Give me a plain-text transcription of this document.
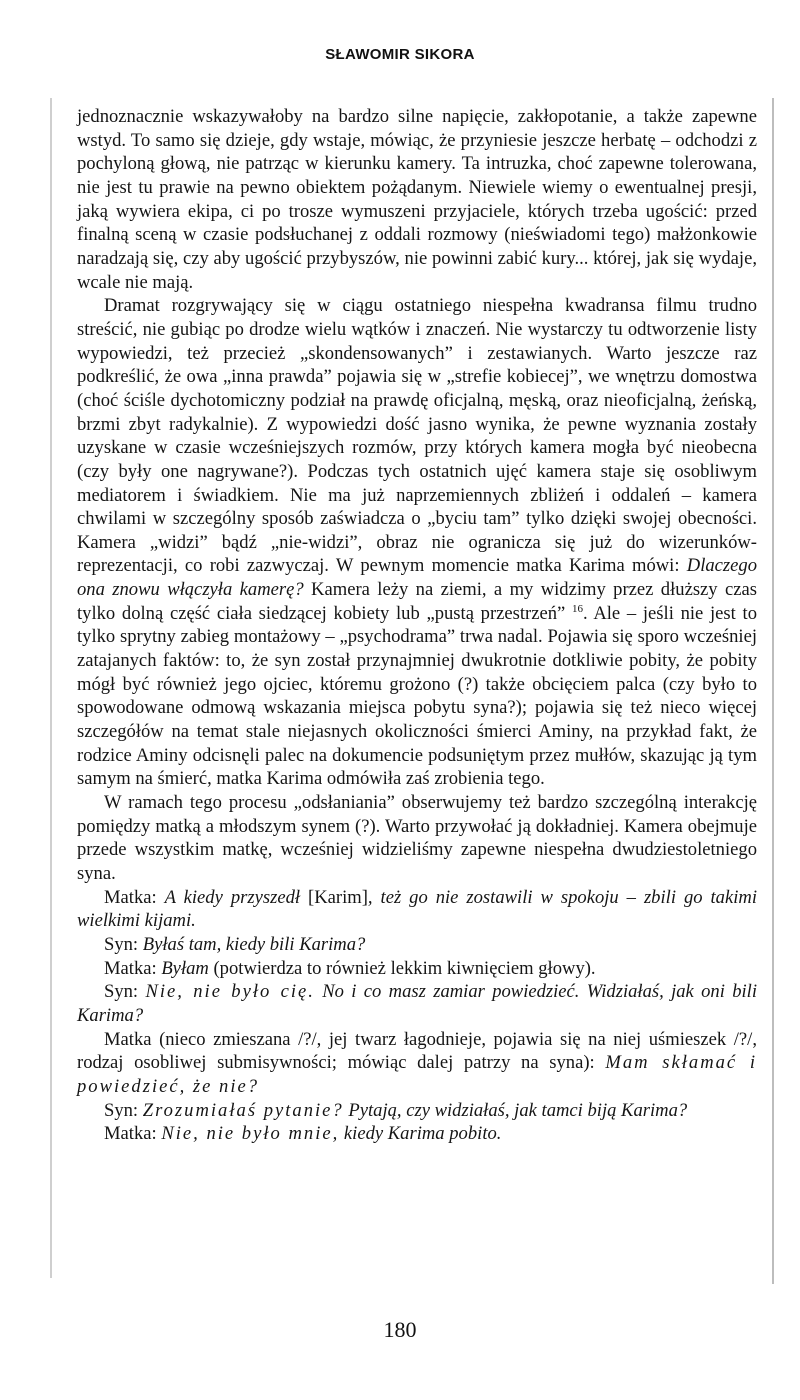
SŁAWOMIR SIKORA

jednoznacznie wskazywałoby na bardzo silne napięcie, zakłopotanie, a także zapewne wstyd. To samo się dzieje, gdy wstaje, mówiąc, że przyniesie jeszcze herbatę – odchodzi z pochyloną głową, nie patrząc w kierunku kamery. Ta intruzka, choć zapewne tolerowana, nie jest tu prawie na pewno obiektem pożądanym. Niewiele wiemy o ewentualnej presji, jaką wywiera ekipa, ci po trosze wymuszeni przyjaciele, których trzeba ugościć: przed finalną sceną w czasie podsłuchanej z oddali rozmowy (nieświadomi tego) małżonkowie naradzają się, czy aby ugościć przybyszów, nie powinni zabić kury... której, jak się wydaje, wcale nie mają.

Dramat rozgrywający się w ciągu ostatniego niespełna kwadransa filmu trudno streścić, nie gubiąc po drodze wielu wątków i znaczeń. Nie wystarczy tu odtworzenie listy wypowiedzi, też przecież „skondensowanych” i zestawianych. Warto jeszcze raz podkreślić, że owa „inna prawda” pojawia się w „strefie kobiecej”, we wnętrzu domostwa (choć ściśle dychotomiczny podział na prawdę oficjalną, męską, oraz nieoficjalną, żeńską, brzmi zbyt radykalnie). Z wypowiedzi dość jasno wynika, że pewne wyznania zostały uzyskane w czasie wcześniejszych rozmów, przy których kamera mogła być nieobecna (czy były one nagrywane?). Podczas tych ostatnich ujęć kamera staje się osobliwym mediatorem i świadkiem. Nie ma już naprzemiennych zbliżeń i oddaleń – kamera chwilami w szczególny sposób zaświadcza o „byciu tam” tylko dzięki swojej obecności. Kamera „widzi” bądź „nie-widzi”, obraz nie ogranicza się już do wizerunków-reprezentacji, co robi zazwyczaj. W pewnym momencie matka Karima mówi: Dlaczego ona znowu włączyła kamerę? Kamera leży na ziemi, a my widzimy przez dłuższy czas tylko dolną część ciała siedzącej kobiety lub „pustą przestrzeń” $^{16}$. Ale – jeśli nie jest to tylko sprytny zabieg montażowy – „psychodrama” trwa nadal. Pojawia się sporo wcześniej zatajanych faktów: to, że syn został przynajmniej dwukrotnie dotkliwie pobity, że pobity mógł być również jego ojciec, któremu grożono (?) także obcięciem palca (czy było to spowodowane odmową wskazania miejsca pobytu syna?); pojawia się też nieco więcej szczegółów na temat stale niejasnych okoliczności śmierci Aminy, na przykład fakt, że rodzice Aminy odcisnęli palec na dokumencie podsuniętym przez mułłów, skazując ją tym samym na śmierć, matka Karima odmówiła zaś zrobienia tego.

W ramach tego procesu „odsłaniania” obserwujemy też bardzo szczególną interakcję pomiędzy matką a młodszym synem (?). Warto przywołać ją dokładniej. Kamera obejmuje przede wszystkim matkę, wcześniej widzieliśmy zapewne niespełna dwudziestoletniego syna.

Matka: A kiedy przyszedł [Karim], też go nie zostawili w spokoju – zbili go takimi wielkimi kijami.

Syn: Byłaś tam, kiedy bili Karima?

Matka: Byłam (potwierdza to również lekkim kiwnięciem głowy).

Syn: Nie, nie było cię. No i co masz zamiar powiedzieć. Widziałaś, jak oni bili Karima?

Matka (nieco zmieszana /?/, jej twarz łagodnieje, pojawia się na niej uśmieszek /?/, rodzaj osobliwej submisywności; mówiąc dalej patrzy na syna): Mam skłamać i powiedzieć, że nie?

Syn: Zrozumiałaś pytanie? Pytają, czy widziałaś, jak tamci biją Karima?

Matka: Nie, nie było mnie, kiedy Karima pobito.

180
